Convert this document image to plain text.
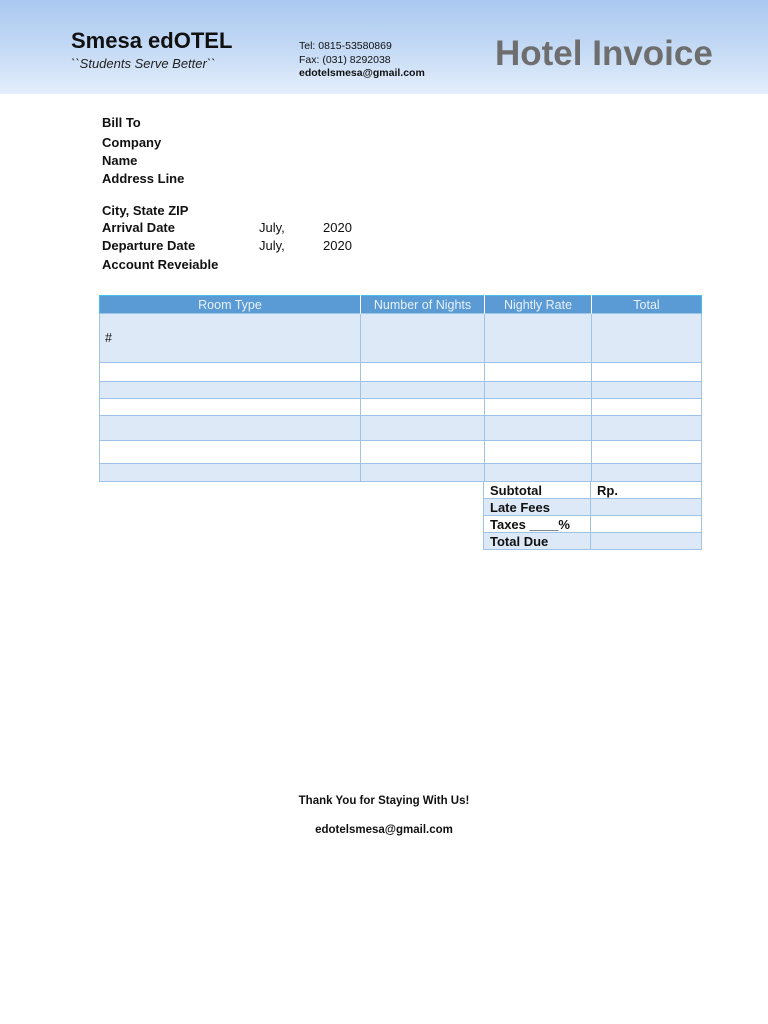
Smesa edOTEL
``Students Serve Better``
Tel: 0815-53580869
Fax: (031) 8292038
edotelsmesa@gmail.com Hotel Invoice
Bill To
Company
Name
Address Line
City, State ZIP
Arrival Date	July,	2020
Departure Date	July,	2020
Account Reveiable
Room Type	Number of Nights	Nightly Rate	Total
#			

Subtotal	Rp.
Late Fees	
Taxes ____%	
Total Due	
Thank You for Staying With Us!
edotelsmesa@gmail.com
